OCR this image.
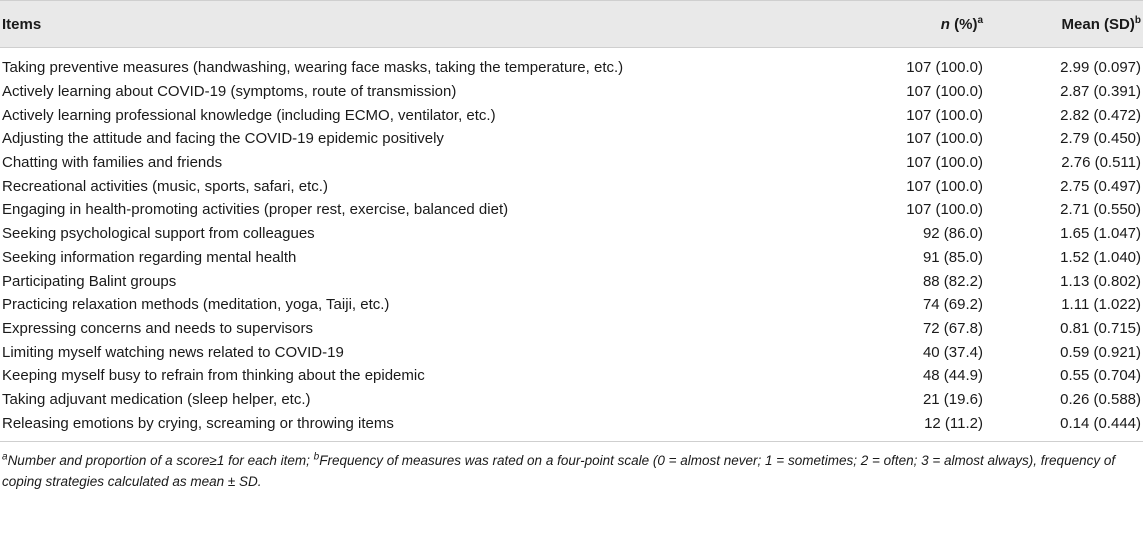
Items	n (%)$^a$	Mean (SD)$^b$
Taking preventive measures (handwashing, wearing face masks, taking the temperature, etc.)	107 (100.0)	2.99 (0.097)
Actively learning about COVID-19 (symptoms, route of transmission)	107 (100.0)	2.87 (0.391)
Actively learning professional knowledge (including ECMO, ventilator, etc.)	107 (100.0)	2.82 (0.472)
Adjusting the attitude and facing the COVID-19 epidemic positively	107 (100.0)	2.79 (0.450)
Chatting with families and friends	107 (100.0)	2.76 (0.511)
Recreational activities (music, sports, safari, etc.)	107 (100.0)	2.75 (0.497)
Engaging in health-promoting activities (proper rest, exercise, balanced diet)	107 (100.0)	2.71 (0.550)
Seeking psychological support from colleagues	92 (86.0)	1.65 (1.047)
Seeking information regarding mental health	91 (85.0)	1.52 (1.040)
Participating Balint groups	88 (82.2)	1.13 (0.802)
Practicing relaxation methods (meditation, yoga, Taiji, etc.)	74 (69.2)	1.11 (1.022)
Expressing concerns and needs to supervisors	72 (67.8)	0.81 (0.715)
Limiting myself watching news related to COVID-19	40 (37.4)	0.59 (0.921)
Keeping myself busy to refrain from thinking about the epidemic	48 (44.9)	0.55 (0.704)
Taking adjuvant medication (sleep helper, etc.)	21 (19.6)	0.26 (0.588)
Releasing emotions by crying, screaming or throwing items	12 (11.2)	0.14 (0.444)
$^a$Number and proportion of a score≥1 for each item; $^b$Frequency of measures was rated on a four-point scale (0 = almost never; 1 = sometimes; 2 = often; 3 = almost always), frequency of coping strategies calculated as mean ± SD.
